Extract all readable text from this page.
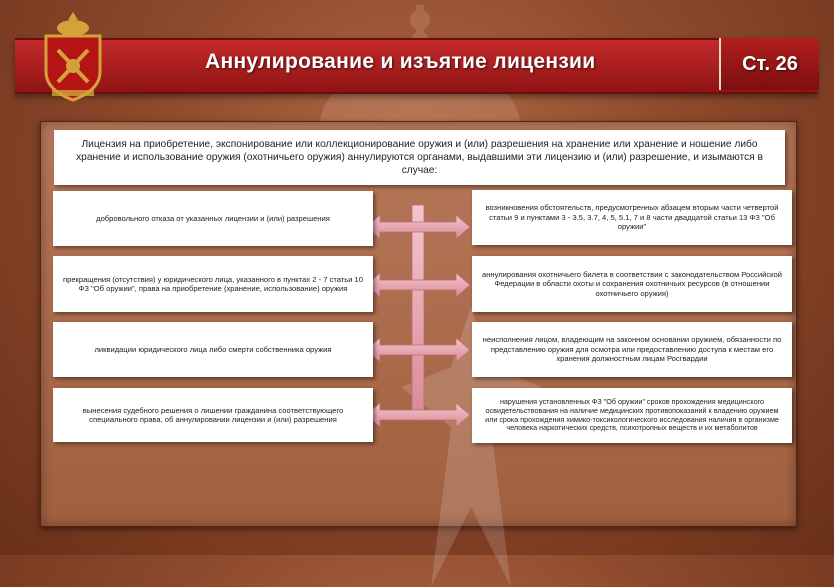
Аннулирование и изъятие лицензии	Ст. 26
Лицензия на приобретение, экспонирование или коллекционирование оружия и (или) разрешения на хранение или хранение и ношение либо хранение и использование оружия (охотничьего оружия) аннулируются органами, выдавшими эти лицензию и (или) разрешение, и изымаются в случае:
добровольного отказа от указанных лицензии и (или) разрешения
прекращения (отсутствия) у юридического лица, указанного в пунктах 2 - 7 статьи 10 ФЗ "Об оружии", права на приобретение (хранение, использование) оружия
ликвидации юридического лица либо смерти собственника оружия
вынесения судебного решения о лишении гражданина соответствующего специального права, об аннулировании лицензии и (или) разрешения
возникновения обстоятельств, предусмотренных абзацем вторым части четвертой статьи 9 и пунктами 3 - 3.5, 3.7, 4, 5, 5.1, 7 и 8 части двадцатой статьи 13 ФЗ "Об оружии"
аннулирования охотничьего билета в соответствии с законодательством Российской Федерации в области охоты и сохранения охотничьих ресурсов (в отношении охотничьего оружия)
неисполнения лицом, владеющим на законном основании оружием, обязанности по представлению оружия для осмотра или предоставлению доступа к местам его хранения должностным лицам Росгвардии
нарушения установленных ФЗ "Об оружии" сроков прохождения медицинского освидетельствования на наличие медицинских противопоказаний к владению оружием или срока прохождения химико-токсикологического исследования наличия в организме человека наркотических средств, психотропных веществ и их метаболитов
